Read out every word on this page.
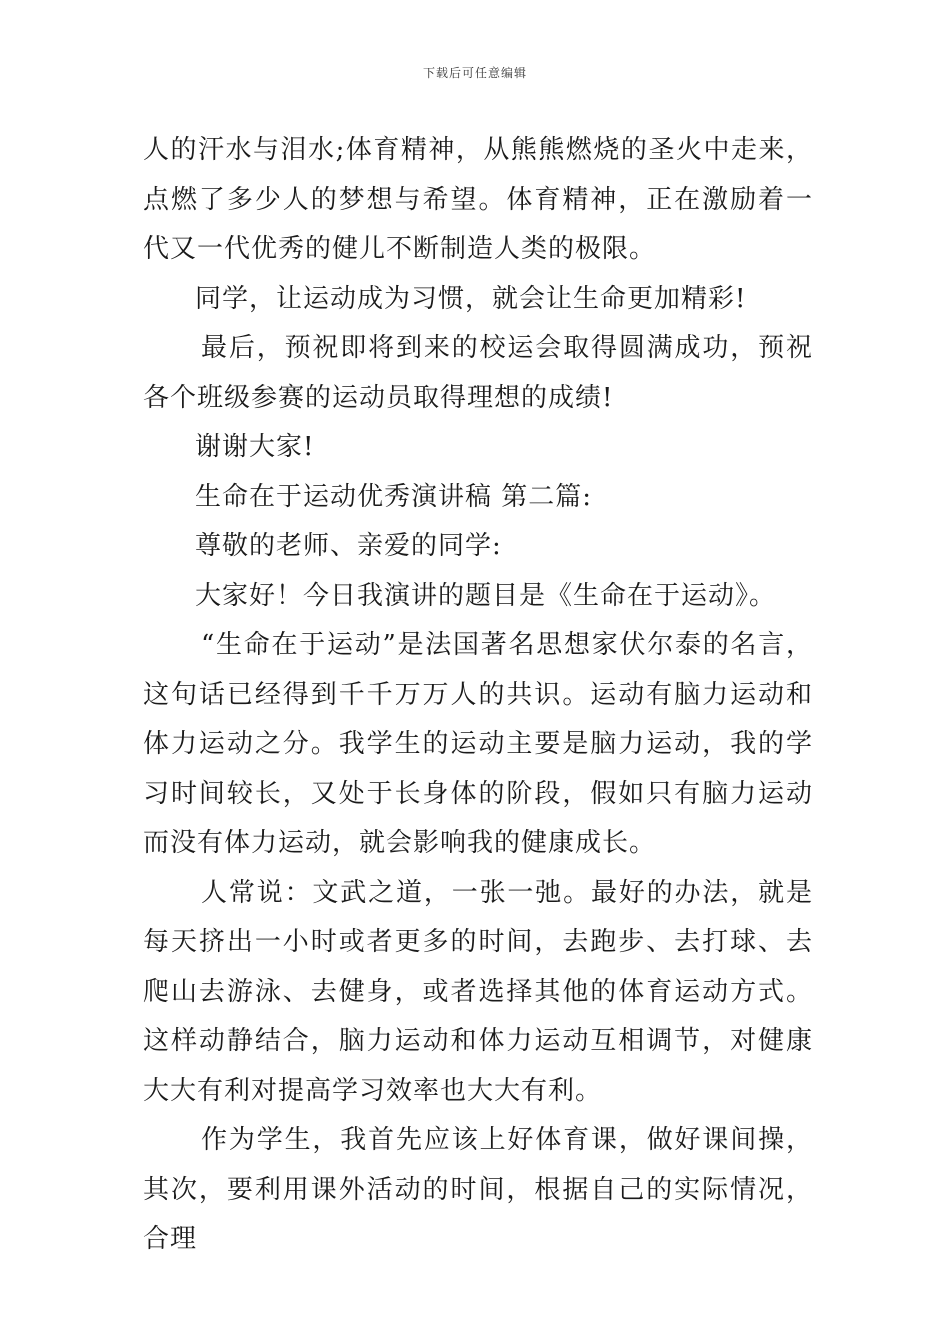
下载后可任意编辑

人的汗水与泪水;体育精神，从熊熊燃烧的圣火中走来，点燃了多少人的梦想与希望。体育精神，正在激励着一代又一代优秀的健儿不断制造人类的极限。

同学，让运动成为习惯，就会让生命更加精彩!

最后，预祝即将到来的校运会取得圆满成功，预祝各个班级参赛的运动员取得理想的成绩!

谢谢大家!

生命在于运动优秀演讲稿 第二篇:

尊敬的老师、亲爱的同学:

大家好！今日我演讲的题目是《生命在于运动》。

“生命在于运动”是法国著名思想家伏尔泰的名言，这句话已经得到千千万万人的共识。运动有脑力运动和体力运动之分。我学生的运动主要是脑力运动，我的学习时间较长，又处于长身体的阶段，假如只有脑力运动而没有体力运动，就会影响我的健康成长。

人常说：文武之道，一张一弛。最好的办法，就是每天挤出一小时或者更多的时间，去跑步、去打球、去爬山去游泳、去健身，或者选择其他的体育运动方式。这样动静结合，脑力运动和体力运动互相调节，对健康大大有利对提高学习效率也大大有利。

作为学生，我首先应该上好体育课，做好课间操，其次，要利用课外活动的时间，根据自己的实际情况，合理
